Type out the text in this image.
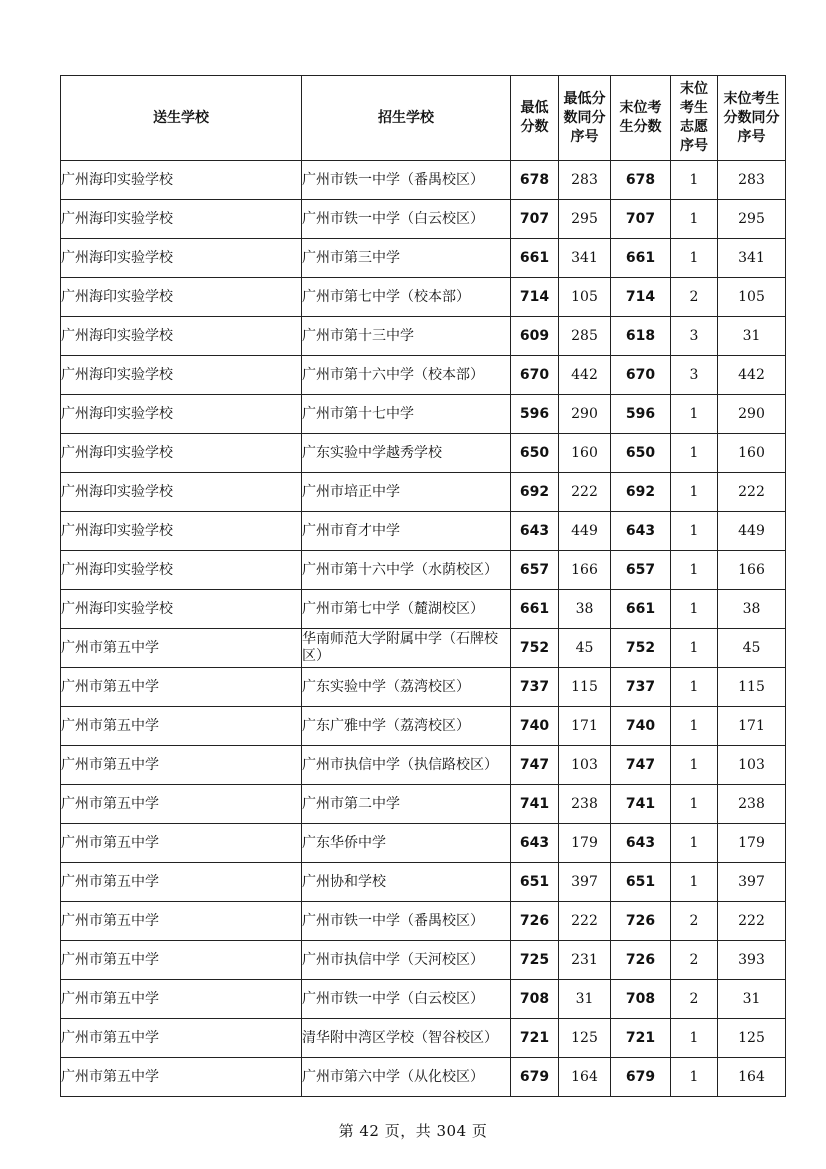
送生学校	招生学校	最低分数	最低分数同分序号	末位考生分数	末位考生志愿序号	末位考生分数同分序号
广州海印实验学校	广州市铁一中学（番禺校区）	678	283	678	1	283
广州海印实验学校	广州市铁一中学（白云校区）	707	295	707	1	295
广州海印实验学校	广州市第三中学	661	341	661	1	341
广州海印实验学校	广州市第七中学（校本部）	714	105	714	2	105
广州海印实验学校	广州市第十三中学	609	285	618	3	31
广州海印实验学校	广州市第十六中学（校本部）	670	442	670	3	442
广州海印实验学校	广州市第十七中学	596	290	596	1	290
广州海印实验学校	广东实验中学越秀学校	650	160	650	1	160
广州海印实验学校	广州市培正中学	692	222	692	1	222
广州海印实验学校	广州市育才中学	643	449	643	1	449
广州海印实验学校	广州市第十六中学（水荫校区）	657	166	657	1	166
广州海印实验学校	广州市第七中学（麓湖校区）	661	38	661	1	38
广州市第五中学	华南师范大学附属中学（石牌校区）	752	45	752	1	45
广州市第五中学	广东实验中学（荔湾校区）	737	115	737	1	115
广州市第五中学	广东广雅中学（荔湾校区）	740	171	740	1	171
广州市第五中学	广州市执信中学（执信路校区）	747	103	747	1	103
广州市第五中学	广州市第二中学	741	238	741	1	238
广州市第五中学	广东华侨中学	643	179	643	1	179
广州市第五中学	广州协和学校	651	397	651	1	397
广州市第五中学	广州市铁一中学（番禺校区）	726	222	726	2	222
广州市第五中学	广州市执信中学（天河校区）	725	231	726	2	393
广州市第五中学	广州市铁一中学（白云校区）	708	31	708	2	31
广州市第五中学	清华附中湾区学校（智谷校区）	721	125	721	1	125
广州市第五中学	广州市第六中学（从化校区）	679	164	679	1	164
第 42 页，共 304 页
